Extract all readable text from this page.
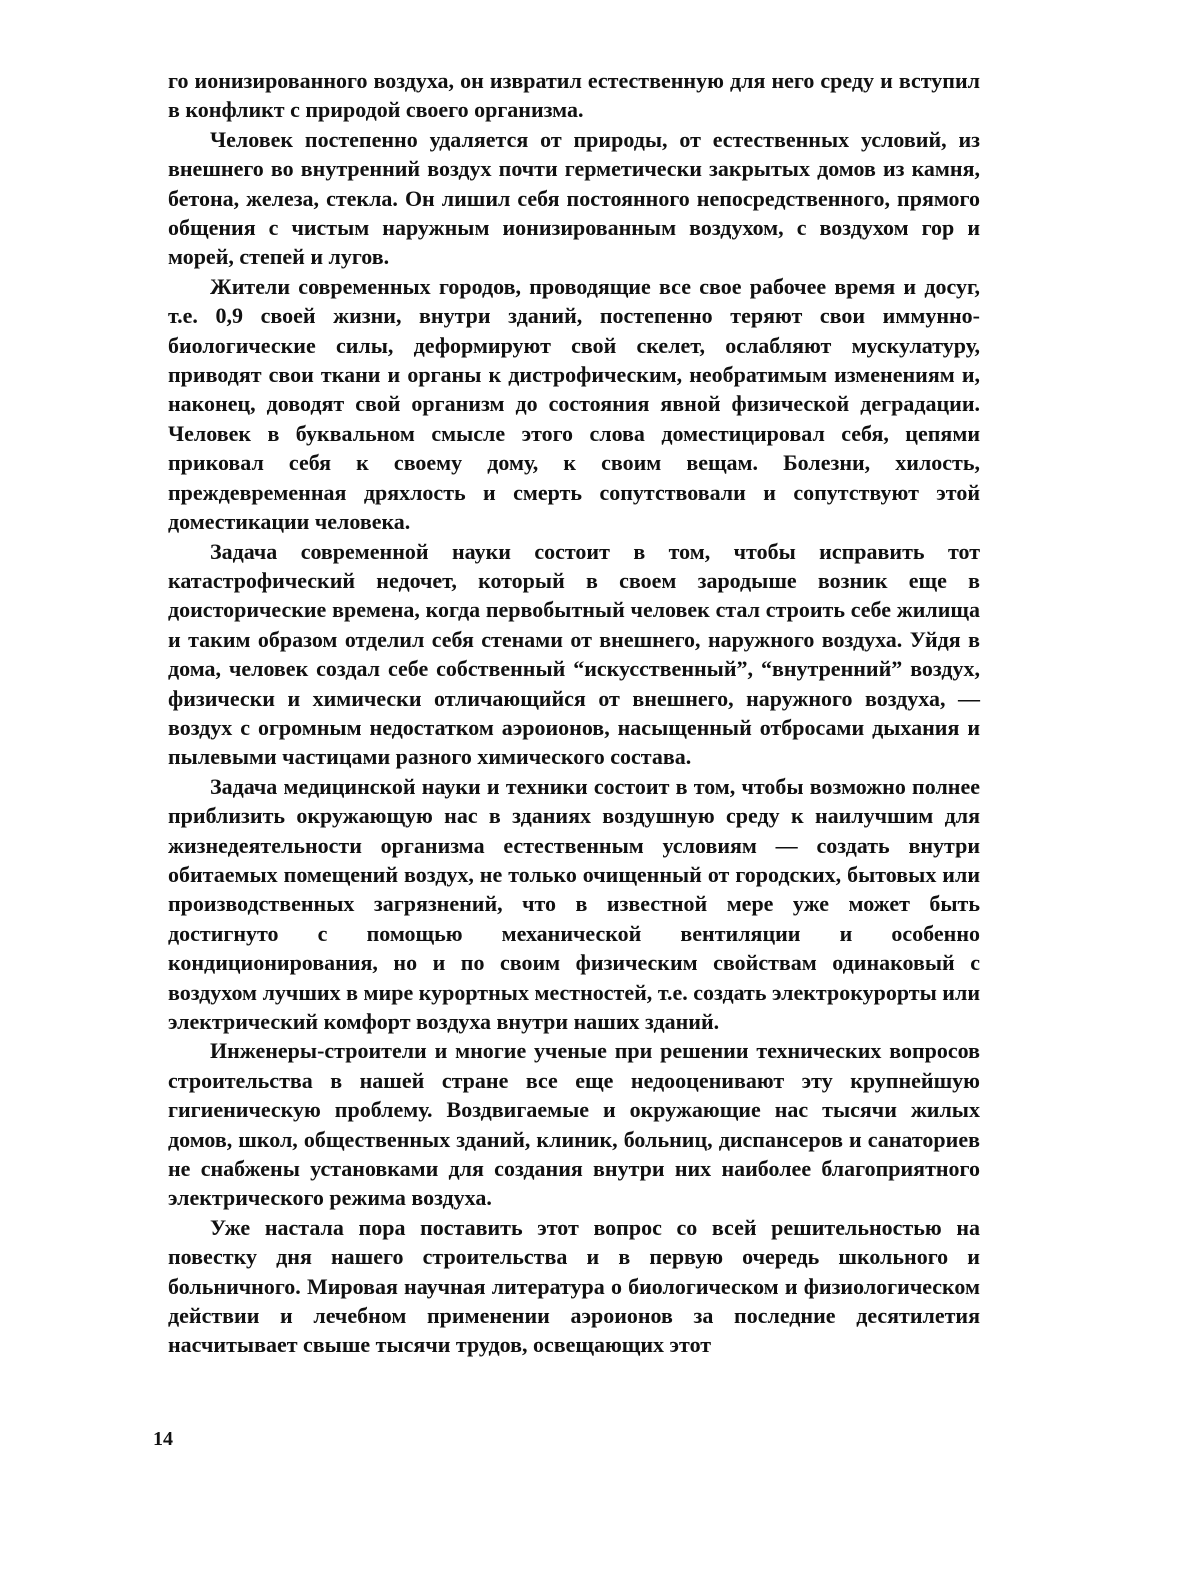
го ионизированного воздуха, он извратил естественную для него среду и вступил в конфликт с природой своего организма.

Человек постепенно удаляется от природы, от естественных условий, из внешнего во внутренний воздух почти герметически закрытых домов из камня, бетона, железа, стекла. Он лишил себя постоянного непосредственного, прямого общения с чистым наружным ионизированным воздухом, с воздухом гор и морей, степей и лугов.

Жители современных городов, проводящие все свое рабочее время и досуг, т.е. 0,9 своей жизни, внутри зданий, постепенно теряют свои иммунно-биологические силы, деформируют свой скелет, ослабляют мускулатуру, приводят свои ткани и органы к дистрофическим, необратимым изменениям и, наконец, доводят свой организм до состояния явной физической деградации. Человек в буквальном смысле этого слова доместицировал себя, цепями приковал себя к своему дому, к своим вещам. Болезни, хилость, преждевременная дряхлость и смерть сопутствовали и сопутствуют этой доместикации человека.

Задача современной науки состоит в том, чтобы исправить тот катастрофический недочет, который в своем зародыше возник еще в доисторические времена, когда первобытный человек стал строить себе жилища и таким образом отделил себя стенами от внешнего, наружного воздуха. Уйдя в дома, человек создал себе собственный “искусственный”, “внутренний” воздух, физически и химически отличающийся от внешнего, наружного воздуха, — воздух с огромным недостатком аэроионов, насыщенный отбросами дыхания и пылевыми частицами разного химического состава.

Задача медицинской науки и техники состоит в том, чтобы возможно полнее приблизить окружающую нас в зданиях воздушную среду к наилучшим для жизнедеятельности организма естественным условиям — создать внутри обитаемых помещений воздух, не только очищенный от городских, бытовых или производственных загрязнений, что в известной мере уже может быть достигнуто с помощью механической вентиляции и особенно кондиционирования, но и по своим физическим свойствам одинаковый с воздухом лучших в мире курортных местностей, т.е. создать электрокурорты или электрический комфорт воздуха внутри наших зданий.

Инженеры-строители и многие ученые при решении технических вопросов строительства в нашей стране все еще недооценивают эту крупнейшую гигиеническую проблему. Воздвигаемые и окружающие нас тысячи жилых домов, школ, общественных зданий, клиник, больниц, диспансеров и санаториев не снабжены установками для создания внутри них наиболее благоприятного электрического режима воздуха.

Уже настала пора поставить этот вопрос со всей решительностью на повестку дня нашего строительства и в первую очередь школьного и больничного. Мировая научная литература о биологическом и физиологическом действии и лечебном применении аэроионов за последние десятилетия насчитывает свыше тысячи трудов, освещающих этот

14
